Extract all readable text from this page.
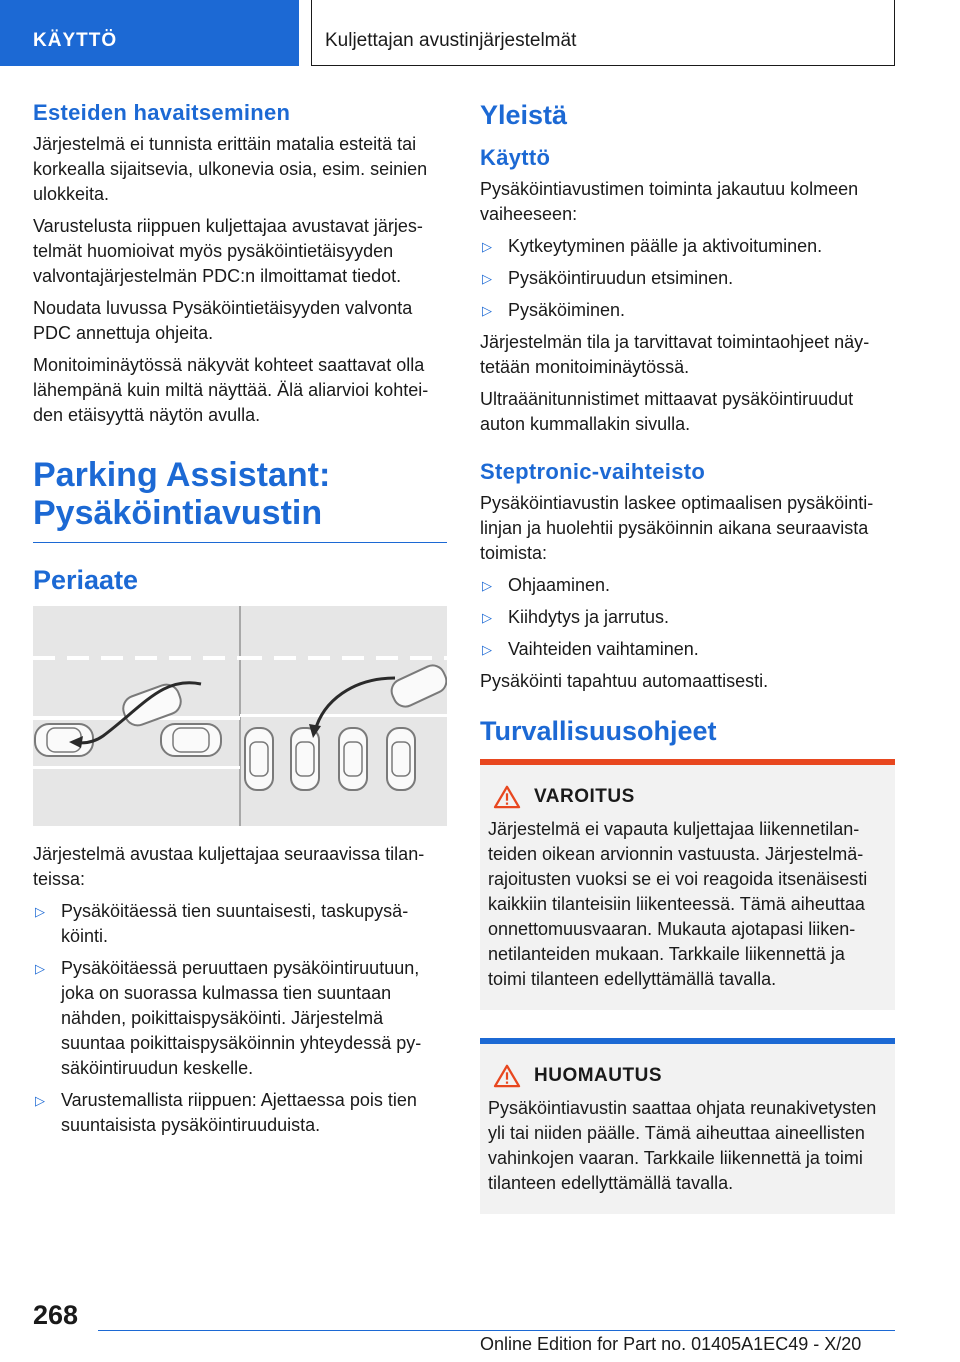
KÄYTTÖ	Kuljettajan avustinjärjestelmät
Esteiden havaitseminen

Järjestelmä ei tunnista erittäin matalia esteitä tai korkealla sijaitsevia, ulkonevia osia, esim. seinien ulokkeita.

Varustelusta riippuen kuljettajaa avustavat järjestelmät huomioivat myös pysäköintietäisyyden valvontajärjestelmän PDC:n ilmoittamat tiedot.

Noudata luvussa Pysäköintietäisyyden valvonta PDC annettuja ohjeita.

Monitoiminäytössä näkyvät kohteet saattavat olla lähempänä kuin miltä näyttää. Älä aliarvioi kohteiden etäisyyttä näytön avulla.

Parking Assistant: Pysäköintiavustin
Periaate

Järjestelmä avustaa kuljettajaa seuraavissa tilanteissa:

▷ Pysäköitäessä tien suuntaisesti, taskupysäköinti.
▷ Pysäköitäessä peruuttaen pysäköintiruutuun, joka on suorassa kulmassa tien suuntaan nähden, poikittaispysäköinti. Järjestelmä suuntaa poikittaispysäköinnin yhteydessä pysäköintiruudun keskelle.
▷ Varustemallista riippuen: Ajettaessa pois tien suuntaisista pysäköintiruuduista.
Yleistä
Käyttö

Pysäköintiavustimen toiminta jakautuu kolmeen vaiheeseen:

▷ Kytkeytyminen päälle ja aktivoituminen.
▷ Pysäköintiruudun etsiminen.
▷ Pysäköiminen.

Järjestelmän tila ja tarvittavat toimintaohjeet näytetään monitoiminäytössä.

Ultraäänitunnistimet mittaavat pysäköintiruudut auton kummallakin sivulla.

Steptronic-vaihteisto

Pysäköintiavustin laskee optimaalisen pysäköintilinjan ja huolehtii pysäköinnin aikana seuraavista toimista:

▷ Ohjaaminen.
▷ Kiihdytys ja jarrutus.
▷ Vaihteiden vaihtaminen.

Pysäköinti tapahtuu automaattisesti.

Turvallisuusohjeet
VAROITUS

Järjestelmä ei vapauta kuljettajaa liikennetilanteiden oikean arvionnin vastuusta. Järjestelmärajoitusten vuoksi se ei voi reagoida itsenäisesti kaikkiin tilanteisiin liikenteessä. Tämä aiheuttaa onnettomuusvaaran. Mukauta ajotapasi liikennetilanteiden mukaan. Tarkkaile liikennettä ja toimi tilanteen edellyttämällä tavalla.

HUOMAUTUS

Pysäköintiavustin saattaa ohjata reunakivetysten yli tai niiden päälle. Tämä aiheuttaa aineellisten vahinkojen vaaran. Tarkkaile liikennettä ja toimi tilanteen edellyttämällä tavalla.

268
Online Edition for Part no. 01405A1EC49 - X/20
